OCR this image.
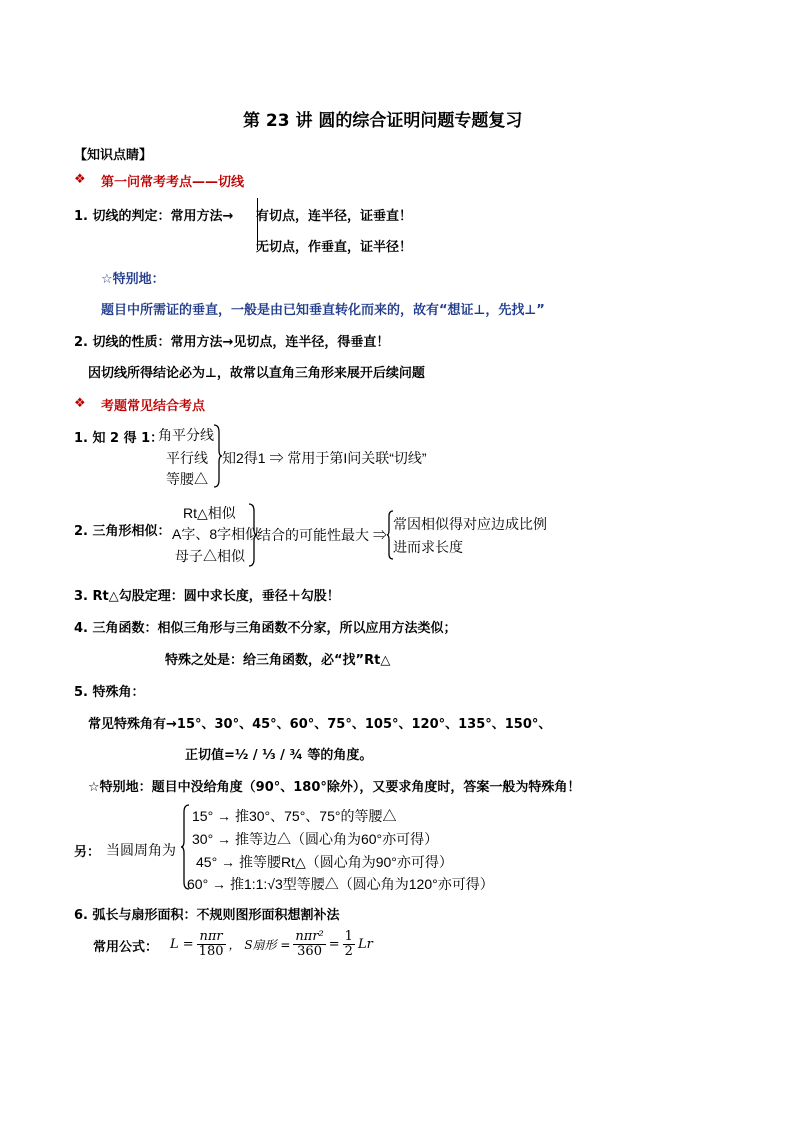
第 23 讲 圆的综合证明问题专题复习
【知识点睛】
❖ 第一问常考考点——切线
1. 切线的判定：常用方法→ 有切点，连半径，证垂直！
无切点，作垂直，证半径！
☆特别地：
题目中所需证的垂直，一般是由已知垂直转化而来的，故有“想证⊥，先找⊥”
2. 切线的性质：常用方法→见切点，连半径，得垂直！
因切线所得结论必为⊥，故常以直角三角形来展开后续问题
❖ 考题常见结合考点
1. 知 2 得 1：
角平分线
平行线
等腰△
知2得1 ⇒ 常用于第I问关联“切线”
2. 三角形相似：
Rt△相似
A字、8字相似
母子△相似
结合的可能性最大 ⇒
常因相似得对应边成比例
进而求长度
3. Rt△勾股定理：圆中求长度，垂径＋勾股！
4. 三角函数：相似三角形与三角函数不分家，所以应用方法类似；
特殊之处是：给三角函数，必“找”Rt△
5. 特殊角：
常见特殊角有→15°、30°、45°、60°、75°、105°、120°、135°、150°、
正切值=½ / ⅓ / ¾ 等的角度。
☆特别地：题目中没给角度（90°、180°除外），又要求角度时，答案一般为特殊角！
另： 当圆周角为
15° → 推30°、75°、75°的等腰△
30° → 推等边△（圆心角为60°亦可得）
45° → 推等腰Rt△（圆心角为90°亦可得）
60° → 推1:1:√3型等腰△（圆心角为120°亦可得）
6. 弧长与扇形面积：不规则图形面积想割补法
常用公式： $L = \frac{\text{nπr}}{180}$ ， S扇形 = $\frac{\text{nπr²}}{360} = \frac{1}{2}$ Lr
